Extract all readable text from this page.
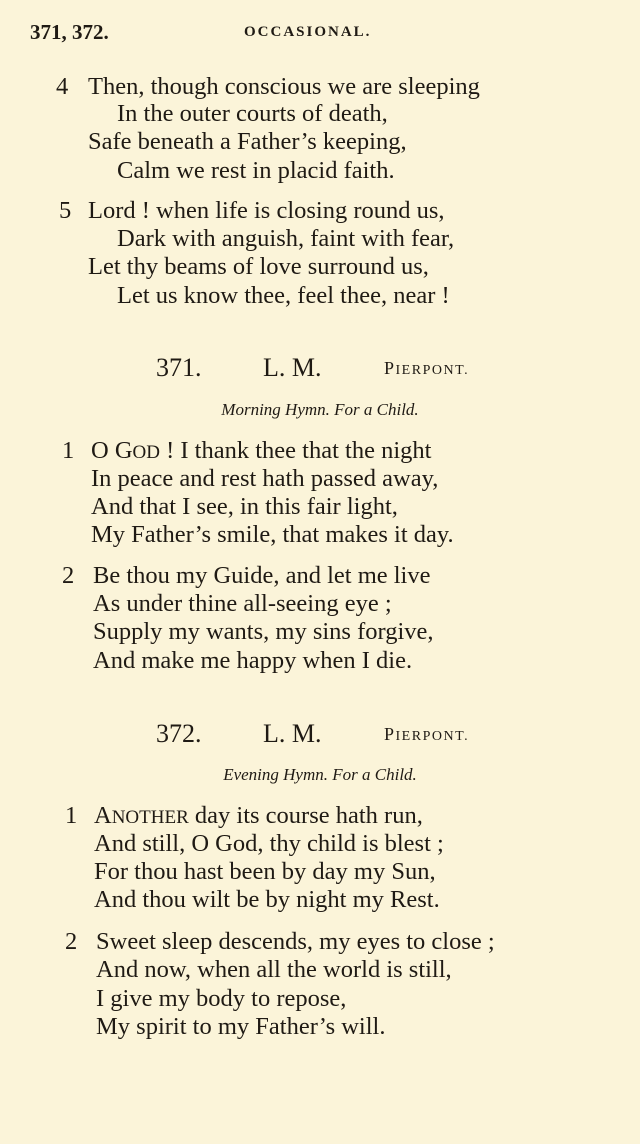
371, 372.	OCCASIONAL.
4 Then, though conscious we are sleeping
In the outer courts of death,
Safe beneath a Father’s keeping,
Calm we rest in placid faith.
5 Lord ! when life is closing round us,
Dark with anguish, faint with fear,
Let thy beams of love surround us,
Let us know thee, feel thee, near !
371. L. M.	PIERPONT.
Morning Hymn. For a Child.
1 O GOD ! I thank thee that the night
In peace and rest hath passed away,
And that I see, in this fair light,
My Father’s smile, that makes it day.
2 Be thou my Guide, and let me live
As under thine all-seeing eye ;
Supply my wants, my sins forgive,
And make me happy when I die.
372. L. M.	PIERPONT.
Evening Hymn. For a Child.
1 ANOTHER day its course hath run,
And still, O God, thy child is blest ;
For thou hast been by day my Sun,
And thou wilt be by night my Rest.
2 Sweet sleep descends, my eyes to close ;
And now, when all the world is still,
I give my body to repose,
My spirit to my Father’s will.
